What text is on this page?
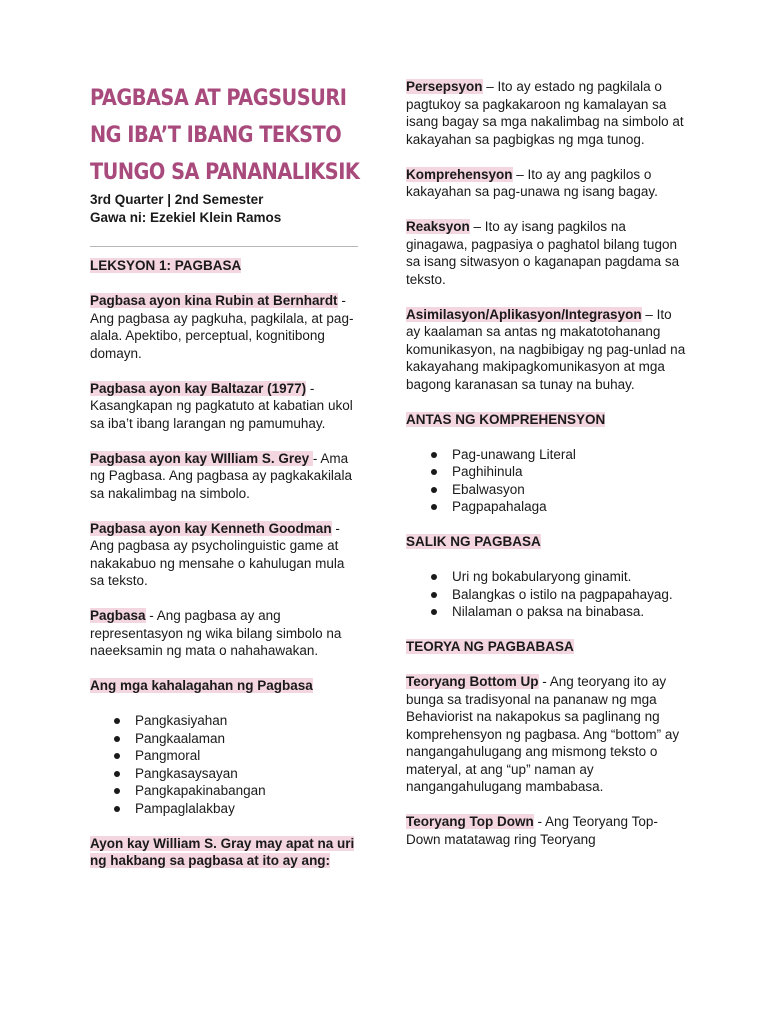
PAGBASA AT PAGSUSURI
NG IBA’T IBANG TEKSTO
TUNGO SA PANANALIKSIK
3rd Quarter | 2nd Semester
Gawa ni: Ezekiel Klein Ramos

LEKSYON 1: PAGBASA

Pagbasa ayon kina Rubin at Bernhardt - Ang pagbasa ay pagkuha, pagkilala, at pag-alala. Apektibo, perceptual, kognitibong domayn.

Pagbasa ayon kay Baltazar (1977) - Kasangkapan ng pagkatuto at kabatian ukol sa iba’t ibang larangan ng pamumuhay.

Pagbasa ayon kay WIlliam S. Grey - Ama ng Pagbasa. Ang pagbasa ay pagkakakilala sa nakalimbag na simbolo.

Pagbasa ayon kay Kenneth Goodman - Ang pagbasa ay psycholinguistic game at nakakabuo ng mensahe o kahulugan mula sa teksto.

Pagbasa - Ang pagbasa ay ang representasyon ng wika bilang simbolo na naeeksamin ng mata o nahahawakan.

Ang mga kahalagahan ng Pagbasa

Pangkasiyahan
Pangkaalaman
Pangmoral
Pangkasaysayan
Pangkapakinabangan
Pampaglalakbay

Ayon kay William S. Gray may apat na uri ng hakbang sa pagbasa at ito ay ang:

Persepsyon – Ito ay estado ng pagkilala o pagtukoy sa pagkakaroon ng kamalayan sa isang bagay sa mga nakalimbag na simbolo at kakayahan sa pagbigkas ng mga tunog.

Komprehensyon – Ito ay ang pagkilos o kakayahan sa pag-unawa ng isang bagay.

Reaksyon – Ito ay isang pagkilos na ginagawa, pagpasiya o paghatol bilang tugon sa isang sitwasyon o kaganapan pagdama sa teksto.

Asimilasyon/Aplikasyon/Integrasyon – Ito ay kaalaman sa antas ng makatotohanang komunikasyon, na nagbibigay ng pag-unlad na kakayahang makipagkomunikasyon at mga bagong karanasan sa tunay na buhay.

ANTAS NG KOMPREHENSYON

Pag-unawang Literal
Paghihinula
Ebalwasyon
Pagpapahalaga

SALIK NG PAGBASA

Uri ng bokabularyong ginamit.
Balangkas o istilo na pagpapahayag.
Nilalaman o paksa na binabasa.

TEORYA NG PAGBABASA

Teoryang Bottom Up - Ang teoryang ito ay bunga sa tradisyonal na pananaw ng mga Behaviorist na nakapokus sa paglinang ng komprehensyon ng pagbasa. Ang “bottom” ay nangangahulugang ang mismong teksto o materyal, at ang “up” naman ay nangangahulugang mambabasa.

Teoryang Top Down - Ang Teoryang Top-Down matatawag ring Teoryang
